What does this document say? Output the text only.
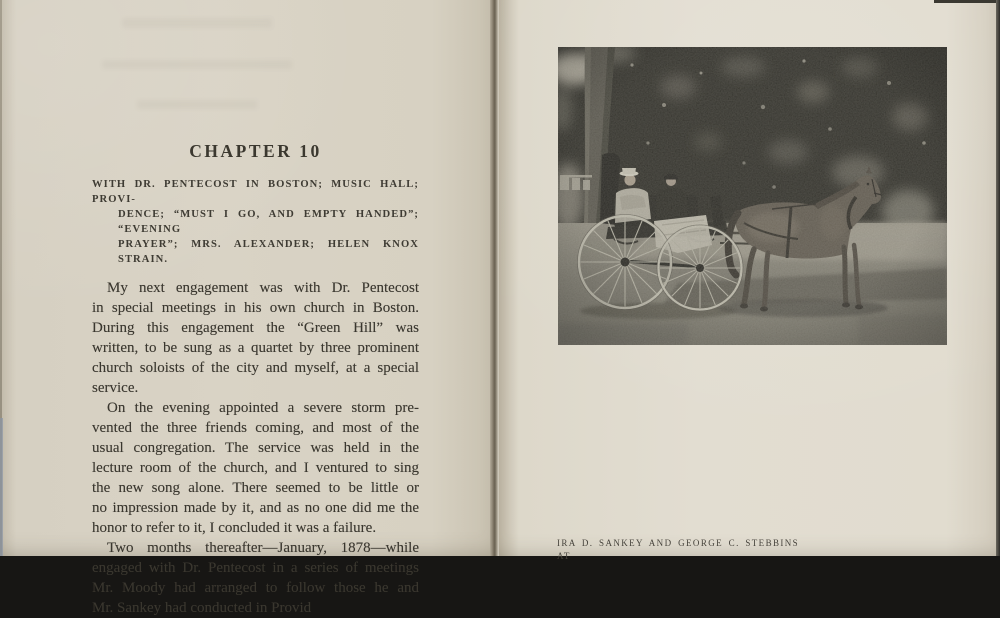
CHAPTER 10
WITH DR. PENTECOST IN BOSTON; MUSIC HALL; PROVI-
DENCE; “MUST I GO, AND EMPTY HANDED”; “EVENING
PRAYER”; MRS. ALEXANDER; HELEN KNOX STRAIN.
My next engagement was with Dr. Pentecost
in special meetings in his own church in Boston.
During this engagement the “Green Hill” was
written, to be sung as a quartet by three prominent
church soloists of the city and myself, at a special
service.
On the evening appointed a severe storm pre-
vented the three friends coming, and most of the
usual congregation. The service was held in the
lecture room of the church, and I ventured to sing
the new song alone. There seemed to be little or
no impression made by it, and as no one did me the
honor to refer to it, I concluded it was a failure.
Two months thereafter—January, 1878—while
engaged with Dr. Pentecost in a series of meetings
Mr. Moody had arranged to follow those he and
Mr. Sankey had conducted in Provid
IRA D. SANKEY AND GEORGE C. STEBBINS
AT
